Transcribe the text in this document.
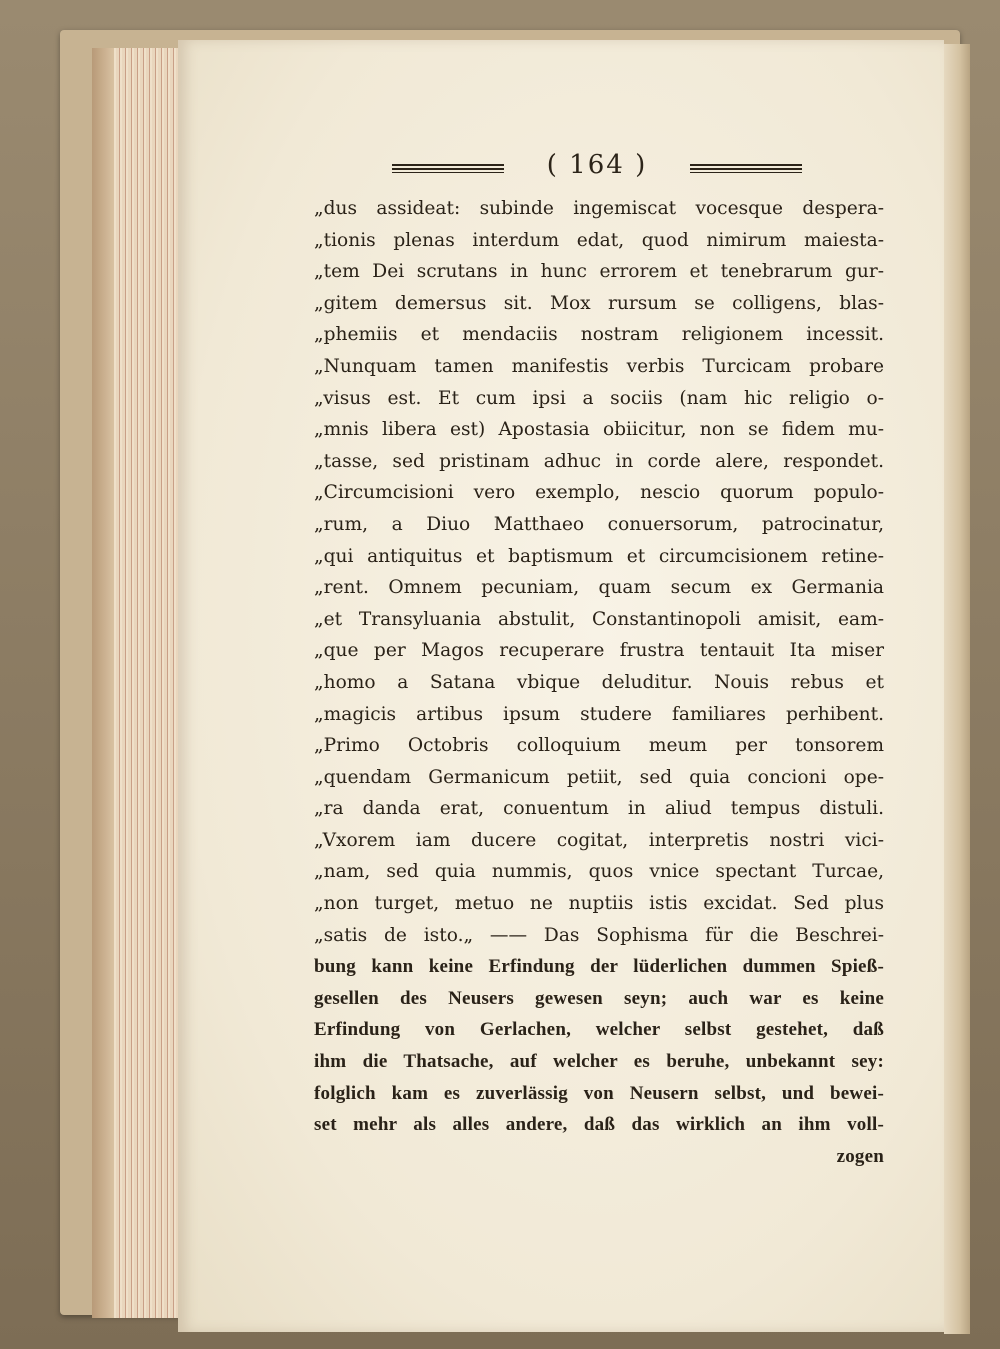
( 164 )
„dus assideat: subinde ingemiscat vocesque despera-
„tionis plenas interdum edat, quod nimirum maiesta-
„tem Dei scrutans in hunc errorem et tenebrarum gur-
„gitem demersus sit. Mox rursum se colligens, blas-
„phemiis et mendaciis nostram religionem incessit.
„Nunquam tamen manifestis verbis Turcicam probare
„visus est. Et cum ipsi a sociis (nam hic religio o-
„mnis libera est) Apostasia obiicitur, non se fidem mu-
„tasse, sed pristinam adhuc in corde alere, respondet.
„Circumcisioni vero exemplo, nescio quorum populo-
„rum, a Diuo Matthaeo conuersorum, patrocinatur,
„qui antiquitus et baptismum et circumcisionem retine-
„rent. Omnem pecuniam, quam secum ex Germania
„et Transyluania abstulit, Constantinopoli amisit, eam-
„que per Magos recuperare frustra tentauit Ita miser
„homo a Satana vbique deluditur. Nouis rebus et
„magicis artibus ipsum studere familiares perhibent.
„Primo Octobris colloquium meum per tonsorem
„quendam Germanicum petiit, sed quia concioni ope-
„ra danda erat, conuentum in aliud tempus distuli.
„Vxorem iam ducere cogitat, interpretis nostri vici-
„nam, sed quia nummis, quos vnice spectant Turcae,
„non turget, metuo ne nuptiis istis excidat. Sed plus
„satis de isto.„ —— Das Sophisma für die Beschrei-
bung kann keine Erfindung der lüderlichen dummen Spieß-
gesellen des Neusers gewesen seyn; auch war es keine
Erfindung von Gerlachen, welcher selbst gestehet, daß
ihm die Thatsache, auf welcher es beruhe, unbekannt sey:
folglich kam es zuverlässig von Neusern selbst, und bewei-
set mehr als alles andere, daß das wirklich an ihm voll-
zogen
